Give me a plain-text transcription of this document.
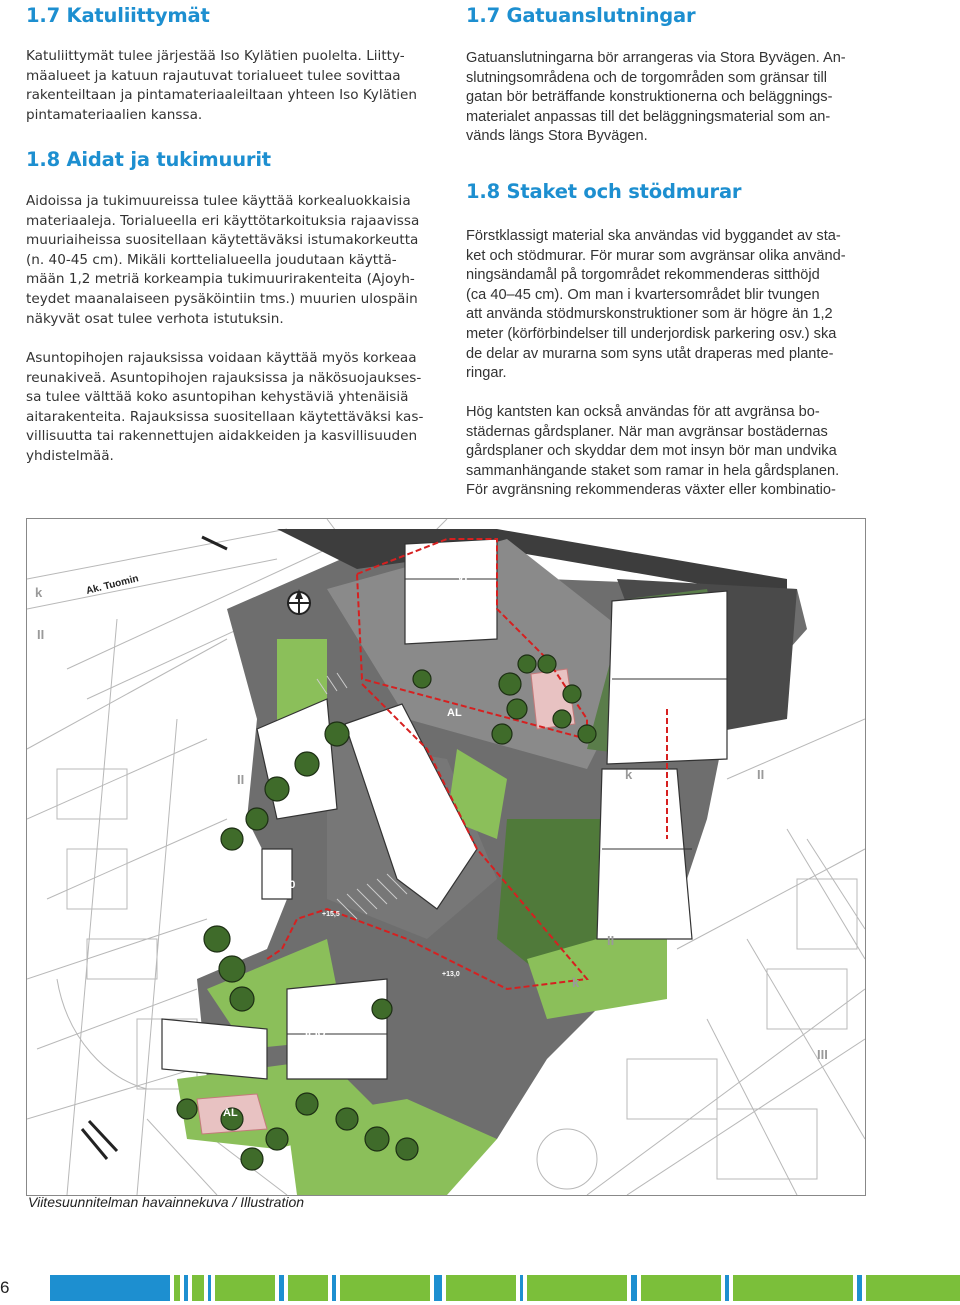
1.7 Katuliittymät

Katuliittymät tulee järjestää Iso Kylätien puolelta. Liitty-
mäalueet ja katuun rajautuvat torialueet tulee sovittaa
rakenteiltaan ja pintamateriaaleiltaan yhteen Iso Kylätien
pintamateriaalien kanssa.

1.8 Aidat ja tukimuurit

Aidoissa ja tukimuureissa tulee käyttää korkealuokkaisia
materiaaleja. Torialueella eri käyttötarkoituksia rajaavissa
muuriaiheissa suositellaan käytettäväksi istumakorkeutta
(n. 40-45 cm). Mikäli korttelialueella joudutaan käyttä-
mään 1,2 metriä korkeampia tukimuurirakenteita (Ajoyh-
teydet maanalaiseen pysäköintiin tms.) muurien ulospäin
näkyvät osat tulee verhota istutuksin.

Asuntopihojen rajauksissa voidaan käyttää myös korkeaa
reunakiveä. Asuntopihojen rajauksissa ja näkösuojaukses-
sa tulee välttää koko asuntopihan kehystäviä yhtenäisiä
aitarakenteita. Rajauksissa suositellaan käytettäväksi kas-
villisuutta tai rakennettujen aidakkeiden ja kasvillisuuden
yhdistelmää.

1.7 Gatuanslutningar

Gatuanslutningarna bör arrangeras via Stora Byvägen. An-
slutningsområdena och de torgområden som gränsar till
gatan bör beträffande konstruktionerna och beläggnings-
materialet anpassas till det beläggningsmaterial som an-
vänds längs Stora Byvägen.

1.8 Staket och stödmurar

Förstklassigt material ska användas vid byggandet av sta-
ket och stödmurar. För murar som avgränsar olika använd-
ningsändamål på torgområdet rekommenderas sitthöjd
(ca 40–45 cm). Om man i kvartersområdet blir tvungen
att använda stödmurskonstruktioner som är högre än 1,2
meter (körförbindelser till underjordisk parkering osv.) ska
de delar av murarna som syns utåt draperas med plante-
ringar.

Hög kantsten kan också användas för att avgränsa bo-
städernas gårdsplaner. När man avgränsar bostädernas
gårdsplaner och skyddar dem mot insyn bör man undvika
sammanhängande staket som ramar in hela gårdsplanen.
För avgränsning rekommenderas växter eller kombinatio-

VI
2250
V-VI
2600
V
2600
V-VI
2250
II
180
II-IV
1950
AL
AL
AL
+15,5
+13,0
k
II
k
II
k
II	II
III
Ak. Tuomin
Viitesuunnitelman havainnekuva / Illustration
6
